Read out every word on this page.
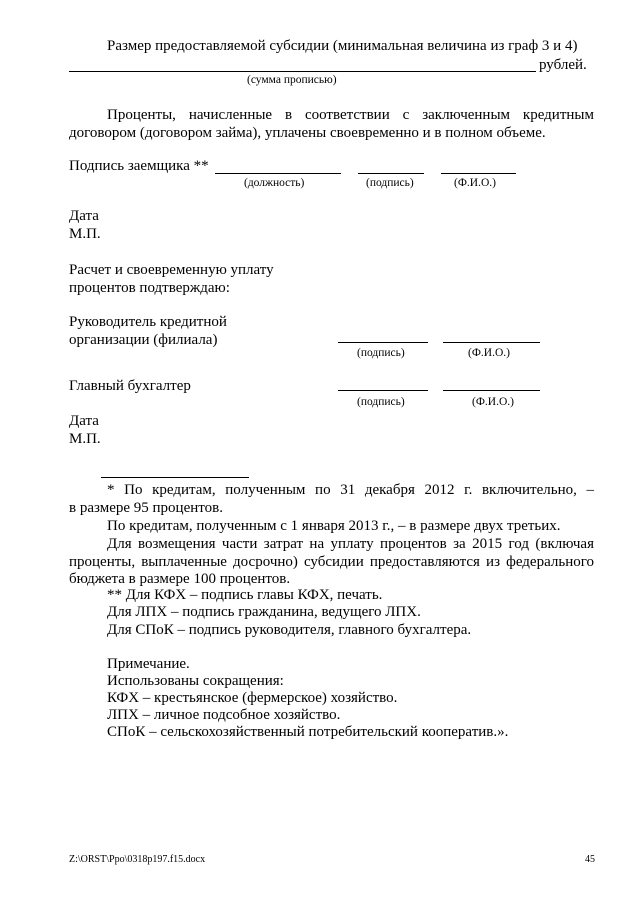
Размер предоставляемой субсидии (минимальная величина из граф 3 и 4)
рублей.
(сумма прописью)
Проценты, начисленные в соответствии с заключенным кредитным
договором (договором займа), уплачены своевременно и в полном объеме.
Подпись заемщика **
(должность)	(подпись)	(Ф.И.О.)
Дата
М.П.
Расчет и своевременную уплату
процентов подтверждаю:
Руководитель кредитной
организации (филиала)
(подпись)	(Ф.И.О.)
Главный бухгалтер
(подпись)	(Ф.И.О.)
Дата
М.П.
* По кредитам, полученным по 31 декабря 2012 г. включительно, –
в размере 95 процентов.
По кредитам, полученным с 1 января 2013 г., – в размере двух третьих.
Для возмещения части затрат на уплату процентов за 2015 год (включая
проценты, выплаченные досрочно) субсидии предоставляются из федерального
бюджета в размере 100 процентов.
** Для КФХ – подпись главы КФХ, печать.
Для ЛПХ – подпись гражданина, ведущего ЛПХ.
Для СПоК – подпись руководителя, главного бухгалтера.
Примечание.
Использованы сокращения:
КФХ – крестьянское (фермерское) хозяйство.
ЛПХ – личное подсобное хозяйство.
СПоК – сельскохозяйственный потребительский кооператив.».
Z:\ORST\Ppo\0318p197.f15.docx	45
